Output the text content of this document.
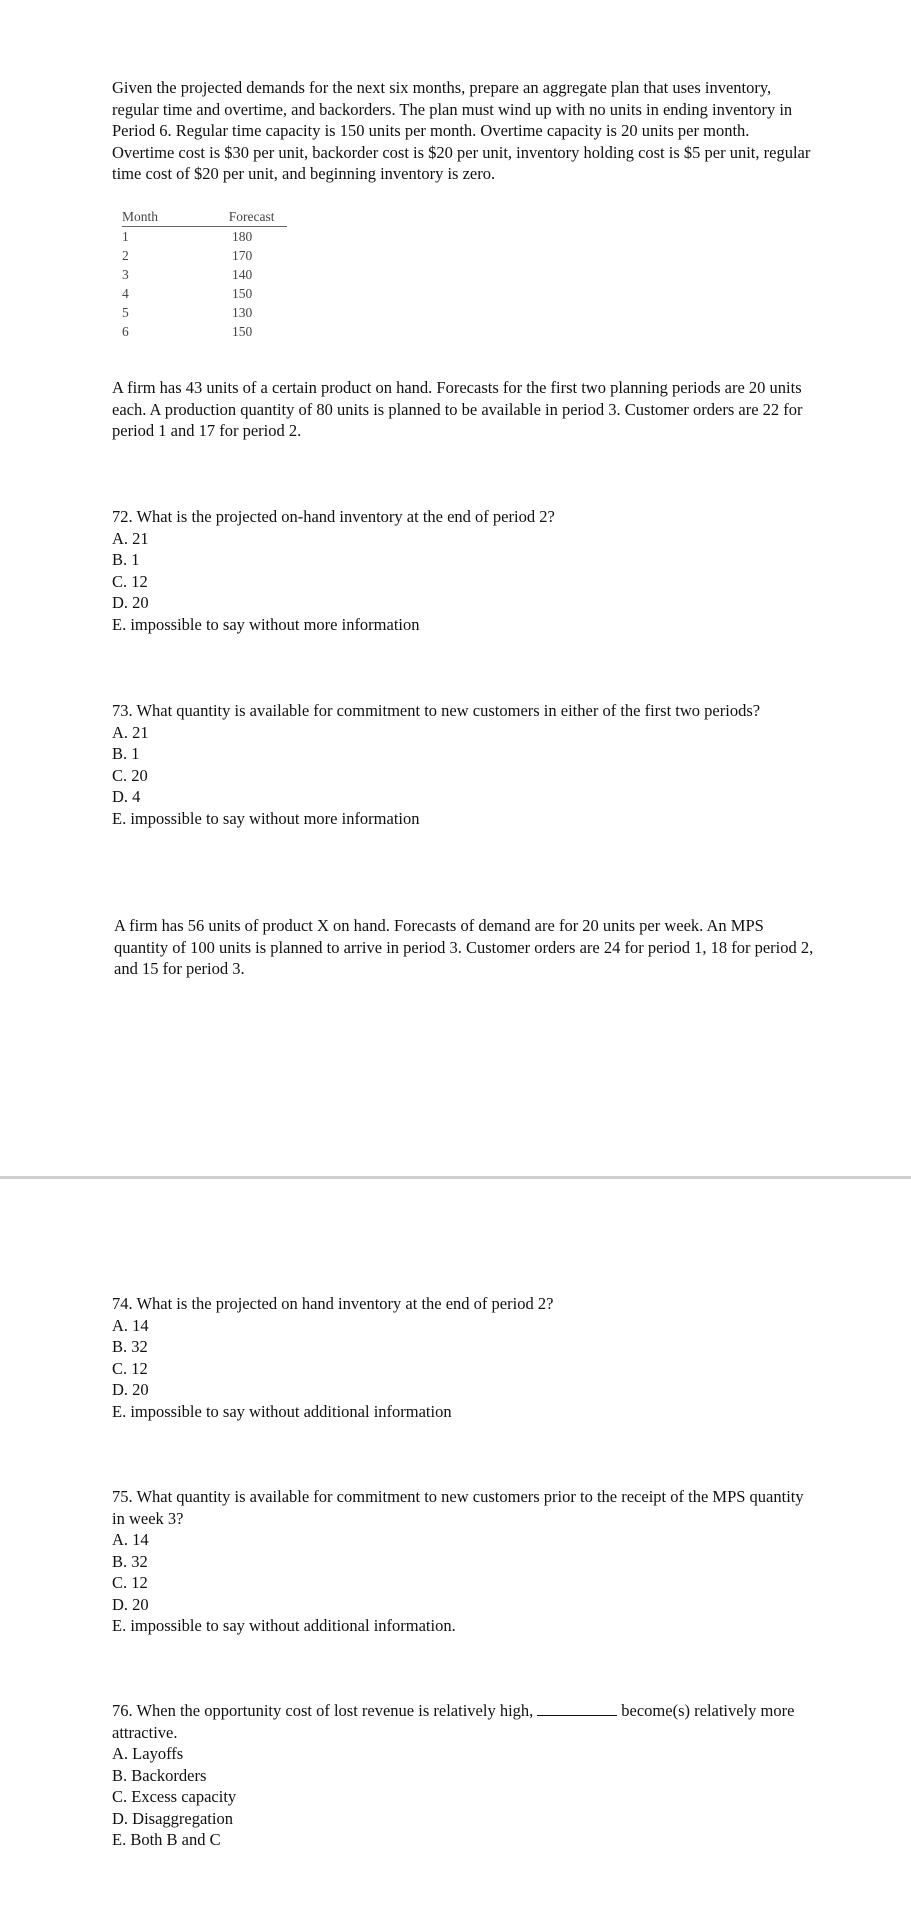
Given the projected demands for the next six months, prepare an aggregate plan that uses inventory, regular time and overtime, and backorders. The plan must wind up with no units in ending inventory in Period 6. Regular time capacity is 150 units per month. Overtime capacity is 20 units per month. Overtime cost is $30 per unit, backorder cost is $20 per unit, inventory holding cost is $5 per unit, regular time cost of $20 per unit, and beginning inventory is zero.

Month	Forecast
1	180
2	170
3	140
4	150
5	130
6	150

A firm has 43 units of a certain product on hand. Forecasts for the first two planning periods are 20 units each. A production quantity of 80 units is planned to be available in period 3. Customer orders are 22 for period 1 and 17 for period 2.

72. What is the projected on-hand inventory at the end of period 2?

A. 21
B. 1
C. 12
D. 20
E. impossible to say without more information

73. What quantity is available for commitment to new customers in either of the first two periods?

A. 21
B. 1
C. 20
D. 4
E. impossible to say without more information

A firm has 56 units of product X on hand. Forecasts of demand are for 20 units per week. An MPS quantity of 100 units is planned to arrive in period 3. Customer orders are 24 for period 1, 18 for period 2, and 15 for period 3.

74. What is the projected on hand inventory at the end of period 2?

A. 14
B. 32
C. 12
D. 20
E. impossible to say without additional information

75. What quantity is available for commitment to new customers prior to the receipt of the MPS quantity in week 3?

A. 14
B. 32
C. 12
D. 20
E. impossible to say without additional information.

76. When the opportunity cost of lost revenue is relatively high,	become(s) relatively more attractive.

A. Layoffs
B. Backorders
C. Excess capacity
D. Disaggregation
E. Both B and C
